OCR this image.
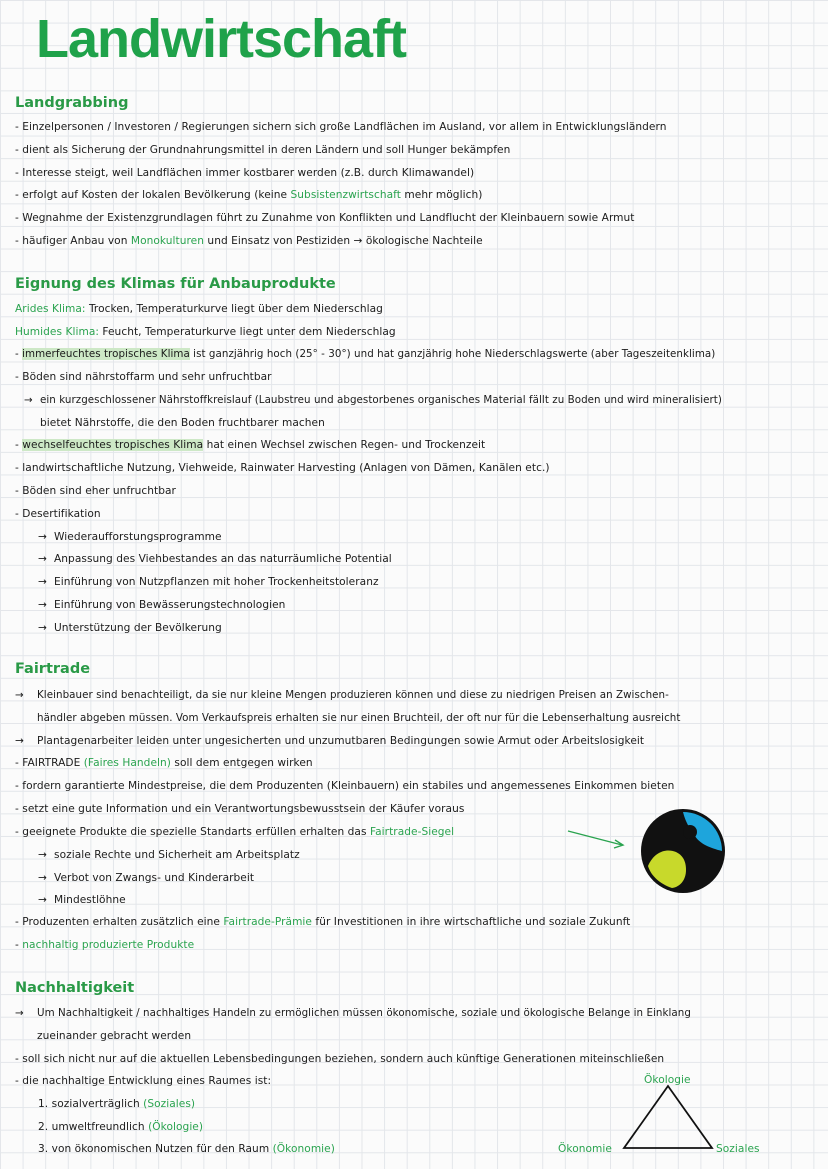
Landwirtschaft
Landgrabbing
- Einzelpersonen / Investoren / Regierungen sichern sich große Landflächen im Ausland, vor allem in Entwicklungsländern
- dient als Sicherung der Grundnahrungsmittel in deren Ländern und soll Hunger bekämpfen
- Interesse steigt, weil Landflächen immer kostbarer werden (z.B. durch Klimawandel)
- erfolgt auf Kosten der lokalen Bevölkerung (keine Subsistenzwirtschaft mehr möglich)
- Wegnahme der Existenzgrundlagen führt zu Zunahme von Konflikten und Landflucht der Kleinbauern sowie Armut
- häufiger Anbau von Monokulturen und Einsatz von Pestiziden → ökologische Nachteile
Eignung des Klimas für Anbauprodukte
Arides Klima: Trocken, Temperaturkurve liegt über dem Niederschlag
Humides Klima: Feucht, Temperaturkurve liegt unter dem Niederschlag
- immerfeuchtes tropisches Klima ist ganzjährig hoch (25° - 30°) und hat ganzjährig hohe Niederschlagswerte (aber Tageszeitenklima)
- Böden sind nährstoffarm und sehr unfruchtbar
→ ein kurzgeschlossener Nährstoffkreislauf (Laubstreu und abgestorbenes organisches Material fällt zu Boden und wird mineralisiert)
bietet Nährstoffe, die den Boden fruchtbarer machen
- wechselfeuchtes tropisches Klima hat einen Wechsel zwischen Regen- und Trockenzeit
- landwirtschaftliche Nutzung, Viehweide, Rainwater Harvesting (Anlagen von Dämen, Kanälen etc.)
- Böden sind eher unfruchtbar
- Desertifikation
→ Wiederaufforstungsprogramme
→ Anpassung des Viehbestandes an das naturräumliche Potential
→ Einführung von Nutzpflanzen mit hoher Trockenheitstoleranz
→ Einführung von Bewässerungstechnologien
→ Unterstützung der Bevölkerung
Fairtrade
→ Kleinbauer sind benachteiligt, da sie nur kleine Mengen produzieren können und diese zu niedrigen Preisen an Zwischen-
händler abgeben müssen. Vom Verkaufspreis erhalten sie nur einen Bruchteil, der oft nur für die Lebenserhaltung ausreicht
→ Plantagenarbeiter leiden unter ungesicherten und unzumutbaren Bedingungen sowie Armut oder Arbeitslosigkeit
- FAIRTRADE (Faires Handeln) soll dem entgegen wirken
- fordern garantierte Mindestpreise, die dem Produzenten (Kleinbauern) ein stabiles und angemessenes Einkommen bieten
- setzt eine gute Information und ein Verantwortungsbewusstsein der Käufer voraus
- geeignete Produkte die spezielle Standarts erfüllen erhalten das Fairtrade-Siegel
→ soziale Rechte und Sicherheit am Arbeitsplatz
→ Verbot von Zwangs- und Kinderarbeit
→ Mindestlöhne
- Produzenten erhalten zusätzlich eine Fairtrade-Prämie für Investitionen in ihre wirtschaftliche und soziale Zukunft
- nachhaltig produzierte Produkte
Nachhaltigkeit
→ Um Nachhaltigkeit / nachhaltiges Handeln zu ermöglichen müssen ökonomische, soziale und ökologische Belange in Einklang
zueinander gebracht werden
- soll sich nicht nur auf die aktuellen Lebensbedingungen beziehen, sondern auch künftige Generationen miteinschließen
- die nachhaltige Entwicklung eines Raumes ist:
1. sozialverträglich (Soziales)
2. umweltfreundlich (Ökologie)
3. von ökonomischen Nutzen für den Raum (Ökonomie)
Ökologie
Ökonomie	Soziales
